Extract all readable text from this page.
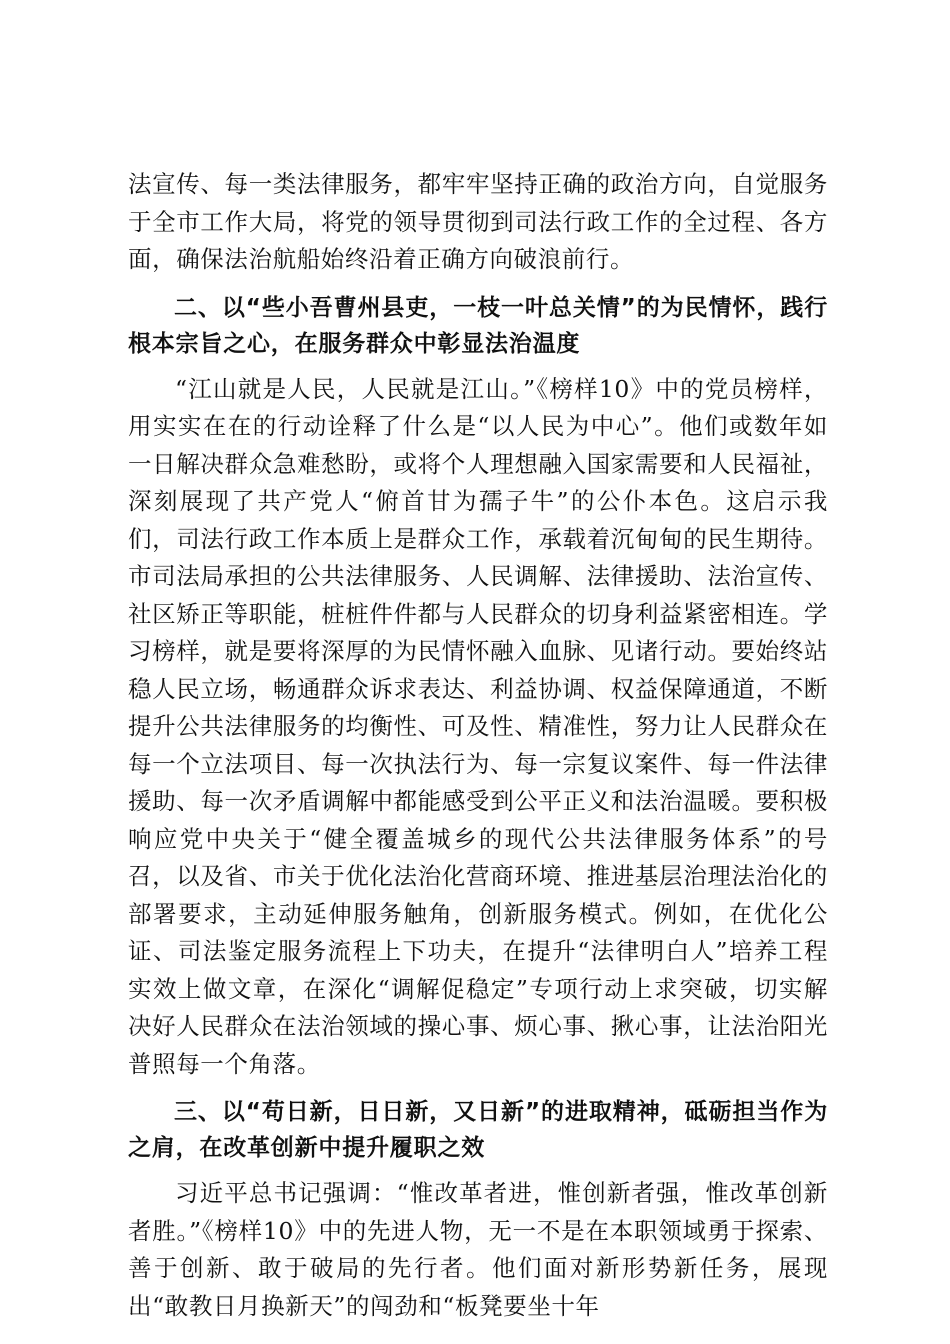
法宣传、每一类法律服务，都牢牢坚持正确的政治方向，自觉服务于全市工作大局，将党的领导贯彻到司法行政工作的全过程、各方面，确保法治航船始终沿着正确方向破浪前行。

二、以“些小吾曹州县吏，一枝一叶总关情”的为民情怀，践行根本宗旨之心，在服务群众中彰显法治温度

“江山就是人民，人民就是江山。”《榜样10》中的党员榜样，用实实在在的行动诠释了什么是“以人民为中心”。他们或数年如一日解决群众急难愁盼，或将个人理想融入国家需要和人民福祉，深刻展现了共产党人“俯首甘为孺子牛”的公仆本色。这启示我们，司法行政工作本质上是群众工作，承载着沉甸甸的民生期待。市司法局承担的公共法律服务、人民调解、法律援助、法治宣传、社区矫正等职能，桩桩件件都与人民群众的切身利益紧密相连。学习榜样，就是要将深厚的为民情怀融入血脉、见诸行动。要始终站稳人民立场，畅通群众诉求表达、利益协调、权益保障通道，不断提升公共法律服务的均衡性、可及性、精准性，努力让人民群众在每一个立法项目、每一次执法行为、每一宗复议案件、每一件法律援助、每一次矛盾调解中都能感受到公平正义和法治温暖。要积极响应党中央关于“健全覆盖城乡的现代公共法律服务体系”的号召，以及省、市关于优化法治化营商环境、推进基层治理法治化的部署要求，主动延伸服务触角，创新服务模式。例如，在优化公证、司法鉴定服务流程上下功夫，在提升“法律明白人”培养工程实效上做文章，在深化“调解促稳定”专项行动上求突破，切实解决好人民群众在法治领域的操心事、烦心事、揪心事，让法治阳光普照每一个角落。

三、以“苟日新，日日新，又日新”的进取精神，砥砺担当作为之肩，在改革创新中提升履职之效

习近平总书记强调：“惟改革者进，惟创新者强，惟改革创新者胜。”《榜样10》中的先进人物，无一不是在本职领域勇于探索、善于创新、敢于破局的先行者。他们面对新形势新任务，展现出“敢教日月换新天”的闯劲和“板凳要坐十年
